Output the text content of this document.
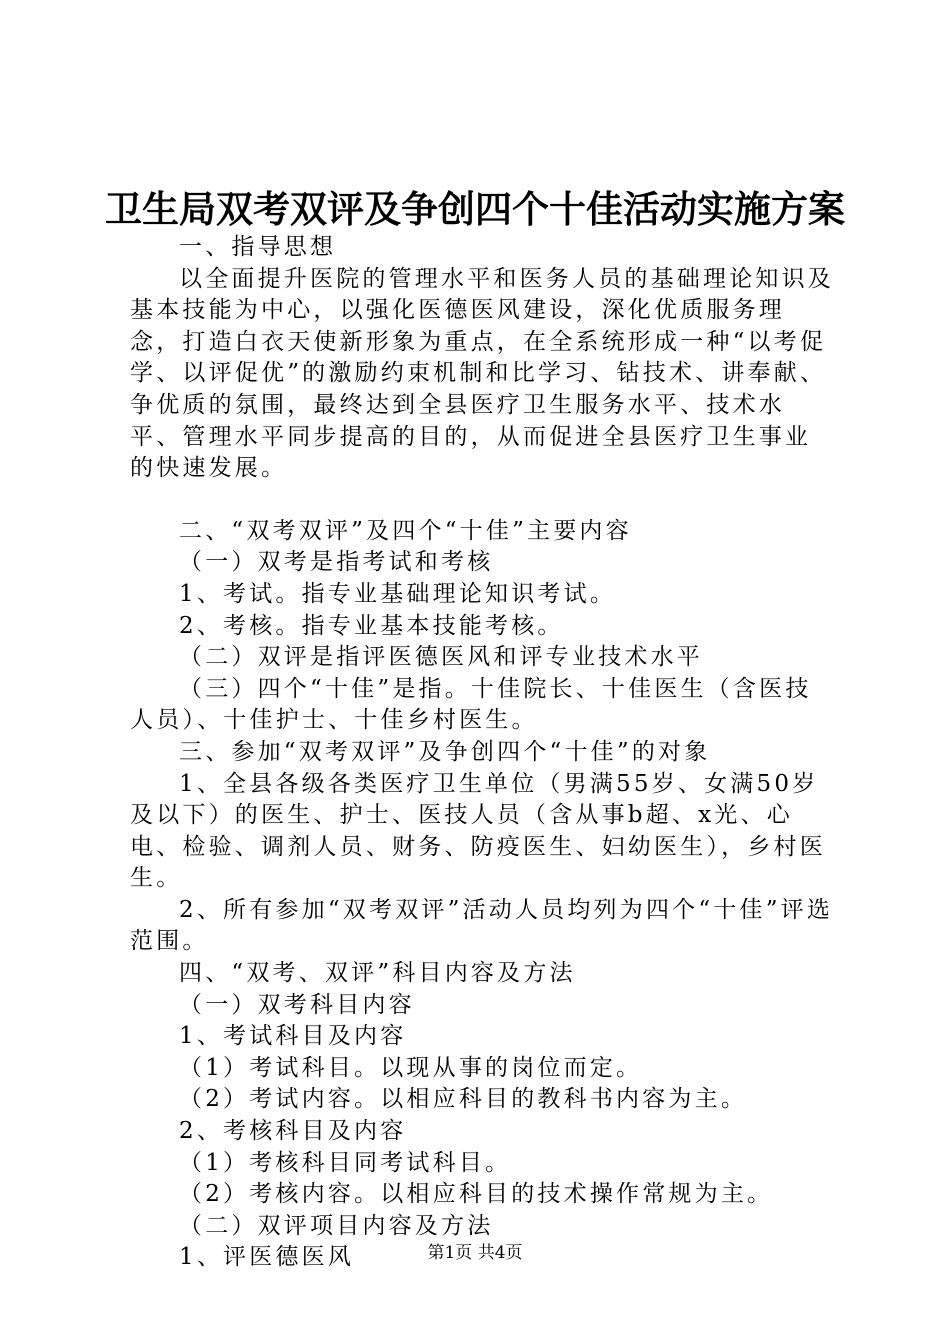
卫生局双考双评及争创四个十佳活动实施方案

一、指导思想

以全面提升医院的管理水平和医务人员的基础理论知识及基本技能为中心，以强化医德医风建设，深化优质服务理念，打造白衣天使新形象为重点，在全系统形成一种“以考促学、以评促优”的激励约束机制和比学习、钻技术、讲奉献、争优质的氛围，最终达到全县医疗卫生服务水平、技术水平、管理水平同步提高的目的，从而促进全县医疗卫生事业的快速发展。

二、“双考双评”及四个“十佳”主要内容

（一）双考是指考试和考核

1、考试。指专业基础理论知识考试。

2、考核。指专业基本技能考核。

（二）双评是指评医德医风和评专业技术水平

（三）四个“十佳”是指。十佳院长、十佳医生（含医技人员）、十佳护士、十佳乡村医生。

三、参加“双考双评”及争创四个“十佳”的对象

1、全县各级各类医疗卫生单位（男满55岁、女满50岁及以下）的医生、护士、医技人员（含从事b超、x光、心电、检验、调剂人员、财务、防疫医生、妇幼医生），乡村医生。

2、所有参加“双考双评”活动人员均列为四个“十佳”评选范围。

四、“双考、双评”科目内容及方法

（一）双考科目内容

1、考试科目及内容

（1）考试科目。以现从事的岗位而定。

（2）考试内容。以相应科目的教科书内容为主。

2、考核科目及内容

（1）考核科目同考试科目。

（2）考核内容。以相应科目的技术操作常规为主。

（二）双评项目内容及方法

1、评医德医风	第1页 共4页
